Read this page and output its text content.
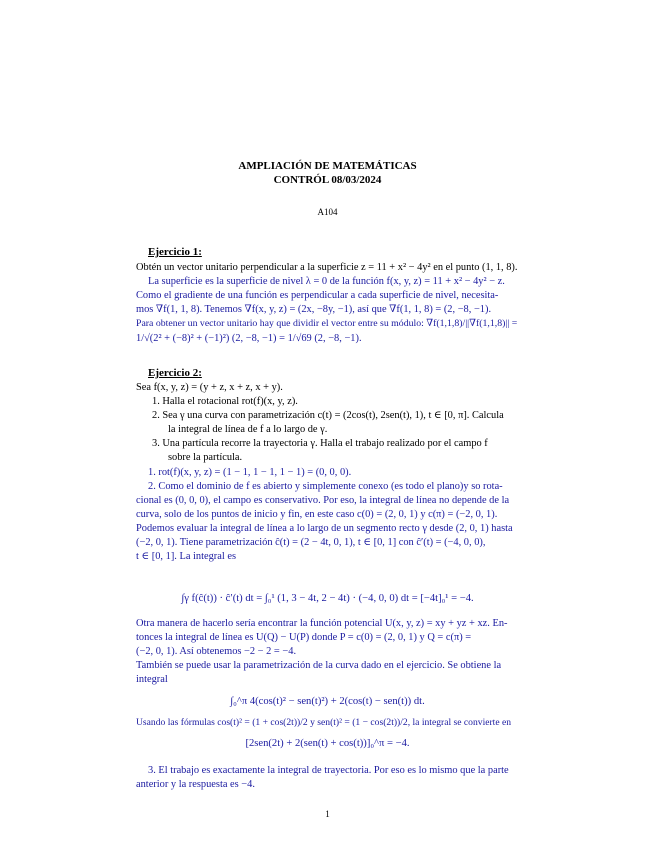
AMPLIACIÓN DE MATEMÁTICAS
CONTRÓL 08/03/2024
A104
Ejercicio 1:
Obtén un vector unitario perpendicular a la superficie z = 11 + x² − 4y² en el punto (1, 1, 8).
La superficie es la superficie de nivel λ = 0 de la función f(x, y, z) = 11 + x² − 4y² − z.
Como el gradiente de una función es perpendicular a cada superficie de nivel, necesita-
mos ∇f(1, 1, 8). Tenemos ∇f(x, y, z) = (2x, −8y, −1), así que ∇f(1, 1, 8) = (2, −8, −1).
Para obtener un vector unitario hay que dividir el vector entre su módulo: ∇f(1,1,8)/||∇f(1,1,8)|| =
1/√(2² + (−8)² + (−1)²) (2, −8, −1) = 1/√69 (2, −8, −1).
Ejercicio 2:
Sea f(x, y, z) = (y + z, x + z, x + y).
1. Halla el rotacional rot(f)(x, y, z).
2. Sea γ una curva con parametrización c(t) = (2cos(t), 2sen(t), 1), t ∈ [0, π]. Calcula
la integral de línea de f a lo largo de γ.
3. Una partícula recorre la trayectoria γ. Halla el trabajo realizado por el campo f
sobre la partícula.
1. rot(f)(x, y, z) = (1 − 1, 1 − 1, 1 − 1) = (0, 0, 0).
2. Como el dominio de f es abierto y simplemente conexo (es todo el plano)y so rota-
cional es (0, 0, 0), el campo es conservativo. Por eso, la integral de línea no depende de la
curva, solo de los puntos de inicio y fin, en este caso c(0) = (2, 0, 1) y c(π) = (−2, 0, 1).
Podemos evaluar la integral de línea a lo largo de un segmento recto γ desde (2, 0, 1) hasta
(−2, 0, 1). Tiene parametrización ĉ(t) = (2 − 4t, 0, 1), t ∈ [0, 1] con ĉ′(t) = (−4, 0, 0),
t ∈ [0, 1]. La integral es
∫γ f(ĉ(t)) · ĉ′(t) dt = ∫₀¹ (1, 3 − 4t, 2 − 4t) · (−4, 0, 0) dt = [−4t]₀¹ = −4.
Otra manera de hacerlo sería encontrar la función potencial U(x, y, z) = xy + yz + xz. En-
tonces la integral de línea es U(Q) − U(P) donde P = c(0) = (2, 0, 1) y Q = c(π) =
(−2, 0, 1). Así obtenemos −2 − 2 = −4.
También se puede usar la parametrización de la curva dado en el ejercicio. Se obtiene la
integral
∫₀^π 4(cos(t)² − sen(t)²) + 2(cos(t) − sen(t)) dt.
Usando las fórmulas cos(t)² = (1 + cos(2t))/2 y sen(t)² = (1 − cos(2t))/2, la integral se convierte en
[2sen(2t) + 2(sen(t) + cos(t))]₀^π = −4.
3. El trabajo es exactamente la integral de trayectoria. Por eso es lo mismo que la parte
anterior y la respuesta es −4.
1
